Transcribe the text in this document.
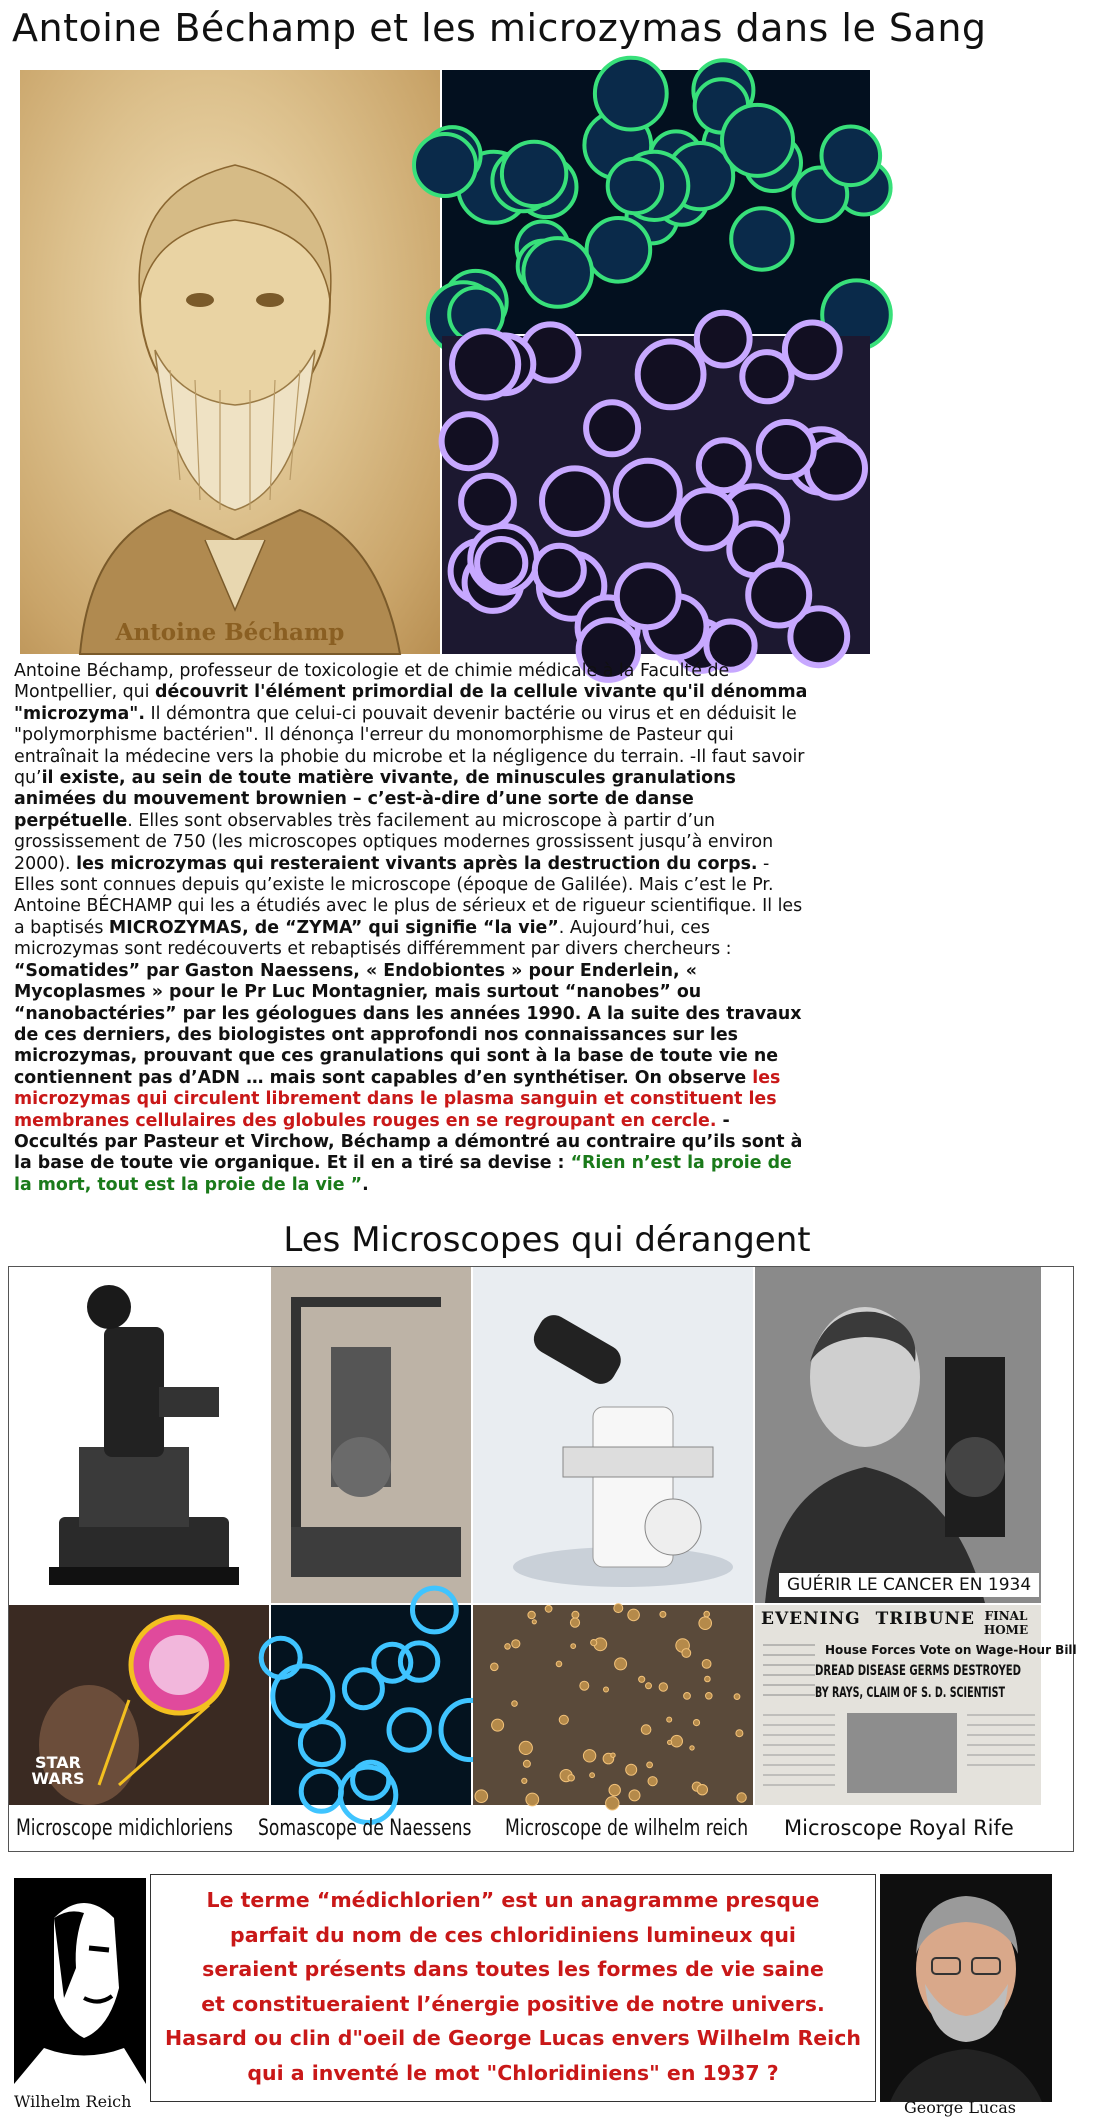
Antoine Béchamp et les microzymas dans le Sang
Antoine Béchamp
Antoine Béchamp, professeur de toxicologie et de chimie médicale à la Faculté de Montpellier, qui découvrit l'élément primordial de la cellule vivante qu'il dénomma "microzyma". Il démontra que celui-ci pouvait devenir bactérie ou virus et en déduisit le "polymorphisme bactérien". Il dénonça l'erreur du monomorphisme de Pasteur qui entraînait la médecine vers la phobie du microbe et la négligence du terrain. -Il faut savoir qu’il existe, au sein de toute matière vivante, de minuscules granulations animées du mouvement brownien – c’est-à-dire d’une sorte de danse perpétuelle. Elles sont observables très facilement au microscope à partir d’un grossissement de 750 (les microscopes optiques modernes grossissent jusqu’à environ 2000). les microzymas qui resteraient vivants après la destruction du corps. - Elles sont connues depuis qu’existe le microscope (époque de Galilée). Mais c’est le Pr. Antoine BÉCHAMP qui les a étudiés avec le plus de sérieux et de rigueur scientifique. Il les a baptisés MICROZYMAS, de “ZYMA” qui signifie “la vie”. Aujourd’hui, ces microzymas sont redécouverts et rebaptisés différemment par divers chercheurs : “Somatides” par Gaston Naessens, « Endobiontes » pour Enderlein, « Mycoplasmes » pour le Pr Luc Montagnier, mais surtout “nanobes” ou “nanobactéries” par les géologues dans les années 1990. A la suite des travaux de ces derniers, des biologistes ont approfondi nos connaissances sur les microzymas, prouvant que ces granulations qui sont à la base de toute vie ne contiennent pas d’ADN … mais sont capables d’en synthétiser. On observe les microzymas qui circulent librement dans le plasma sanguin et constituent les membranes cellulaires des globules rouges en se regroupant en cercle. - Occultés par Pasteur et Virchow, Béchamp a démontré au contraire qu’ils sont à la base de toute vie organique. Et il en a tiré sa devise : “Rien n’est la proie de la mort, tout est la proie de la vie ”.
Les Microscopes qui dérangent
GUÉRIR LE CANCER EN 1934
STAR WARS
EVENING TRIBUNE FINAL HOME
House Forces Vote on Wage-Hour Bill
DREAD DISEASE GERMS DESTROYED
BY RAYS, CLAIM OF S. D. SCIENTIST
Microscope midichloriens Somascope de Naessens Microscope de wilhelm reich Microscope Royal Rife
Wilhelm Reich
Le terme “médichlorien” est un anagramme presque
parfait du nom de ces chloridiniens lumineux qui
seraient présents dans toutes les formes de vie saine
et constitueraient l’énergie positive de notre univers.
Hasard ou clin d"oeil de George Lucas envers Wilhelm Reich
qui a inventé le mot "Chloridiniens" en 1937 ?
George Lucas
